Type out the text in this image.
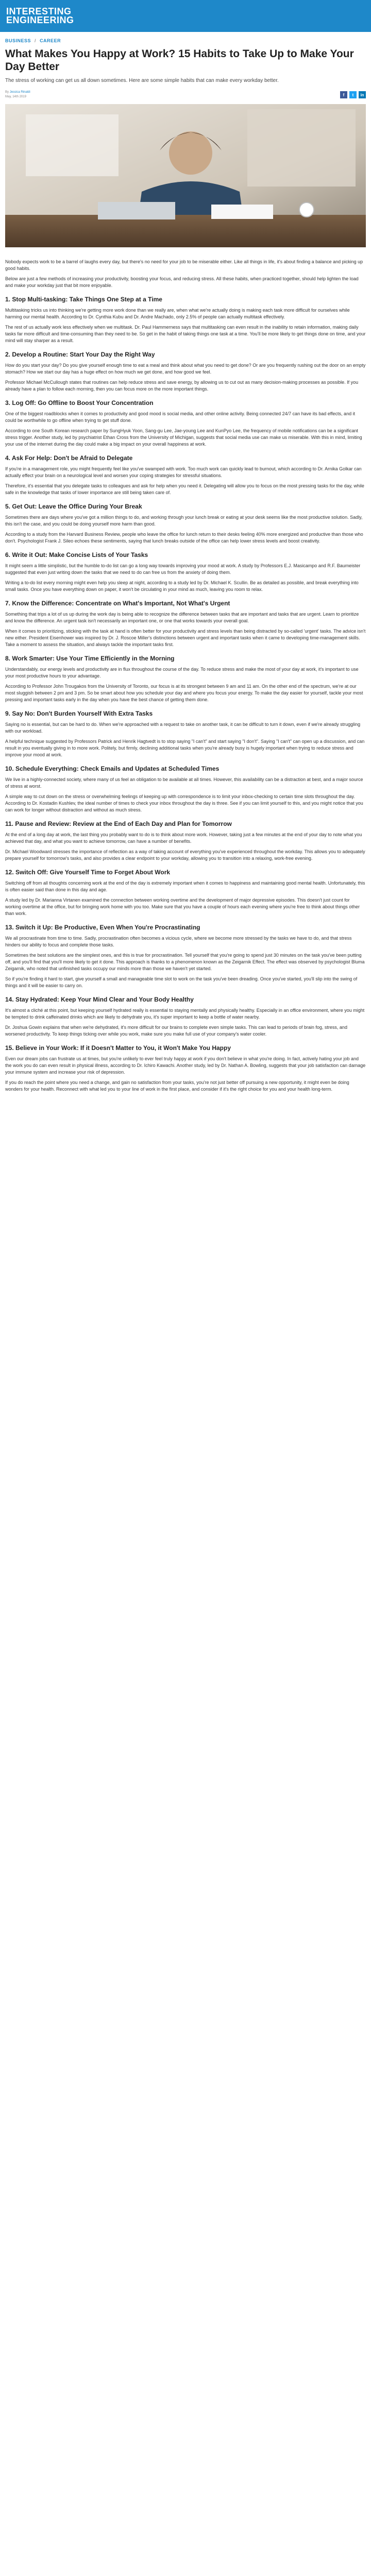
INTERESTING
ENGINEERING
BUSINESS / CAREER
What Makes You Happy at Work? 15 Habits to Take Up to Make Your Day Better

The stress of working can get us all down sometimes. Here are some simple habits that can make every workday better.

By Jessica Rinaldi
May, 14th 2019	f	t	in

Nobody expects work to be a barrel of laughs every day, but there's no need for your job to be miserable either. Like all things in life, it's about finding a balance and picking up good habits.

Below are just a few methods of increasing your productivity, boosting your focus, and reducing stress. All these habits, when practiced together, should help lighten the load and make your workday just that bit more enjoyable.

1. Stop Multi-tasking: Take Things One Step at a Time

Multitasking tricks us into thinking we're getting more work done than we really are, when what we're actually doing is making each task more difficult for ourselves while harming our mental health. According to Dr. Cynthia Kubu and Dr. Andre Machado, only 2.5% of people can actually multitask effectively.

The rest of us actually work less effectively when we multitask. Dr. Paul Hammerness says that multitasking can even result in the inability to retain information, making daily tasks far more difficult and time-consuming than they need to be. So get in the habit of taking things one task at a time. You'll be more likely to get things done on time, and your mind will stay sharper as a result.

2. Develop a Routine: Start Your Day the Right Way

How do you start your day? Do you give yourself enough time to eat a meal and think about what you need to get done? Or are you frequently rushing out the door on an empty stomach? How we start our day has a huge effect on how much we get done, and how good we feel.

Professor Michael McCullough states that routines can help reduce stress and save energy, by allowing us to cut out as many decision-making processes as possible. If you already have a plan to follow each morning, then you can focus more on the more important things.

3. Log Off: Go Offline to Boost Your Concentration

One of the biggest roadblocks when it comes to productivity and good mood is social media, and other online activity. Being connected 24/7 can have its bad effects, and it could be worthwhile to go offline when trying to get stuff done.

According to one South Korean research paper by SungHyuk Yoon, Sang-gu Lee, Jae-young Lee and KunPyo Lee, the frequency of mobile notifications can be a significant stress trigger. Another study, led by psychiatrist Ethan Cross from the University of Michigan, suggests that social media use can make us miserable. With this in mind, limiting your use of the internet during the day could make a big impact on your overall happiness at work.

4. Ask For Help: Don't be Afraid to Delegate

If you're in a management role, you might frequently feel like you've swamped with work. Too much work can quickly lead to burnout, which according to Dr. Arnika Golkar can actually effect your brain on a neurological level and worsen your coping strategies for stressful situations.

Therefore, it's essential that you delegate tasks to colleagues and ask for help when you need it. Delegating will allow you to focus on the most pressing tasks for the day, while safe in the knowledge that tasks of lower importance are still being taken care of.

5. Get Out: Leave the Office During Your Break

Sometimes there are days where you've got a million things to do, and working through your lunch break or eating at your desk seems like the most productive solution. Sadly, this isn't the case, and you could be doing yourself more harm than good.

According to a study from the Harvard Business Review, people who leave the office for lunch return to their desks feeling 40% more energized and productive than those who don't. Psychologist Frank J. Sileo echoes these sentiments, saying that lunch breaks outside of the office can help lower stress levels and boost creativity.

6. Write it Out: Make Concise Lists of Your Tasks

It might seem a little simplistic, but the humble to-do list can go a long way towards improving your mood at work. A study by Professors E.J. Masicampo and R.F. Baumeister suggested that even just writing down the tasks that we need to do can free us from the anxiety of doing them.

Writing a to-do list every morning might even help you sleep at night, according to a study led by Dr. Michael K. Scullin. Be as detailed as possible, and break everything into small tasks. Once you have everything down on paper, it won't be circulating in your mind as much, leaving you room to relax.

7. Know the Difference: Concentrate on What's Important, Not What's Urgent

Something that trips a lot of us up during the work day is being able to recognize the difference between tasks that are important and tasks that are urgent. Learn to prioritize and know the difference. An urgent task isn't necessarily an important one, or one that works towards your overall goal.

When it comes to prioritizing, sticking with the task at hand is often better for your productivity and stress levels than being distracted by so-called 'urgent' tasks. The advice isn't new either. President Eisenhower was inspired by Dr. J. Roscoe Miller's distinctions between urgent and important tasks when it came to developing time-management skills. Take a moment to assess the situation, and always tackle the important tasks first.

8. Work Smarter: Use Your Time Efficiently in the Morning

Understandably, our energy levels and productivity are in flux throughout the course of the day. To reduce stress and make the most of your day at work, it's important to use your most productive hours to your advantage.

According to Professor John Trougakos from the University of Toronto, our focus is at its strongest between 9 am and 11 am. On the other end of the spectrum, we're at our most sluggish between 2 pm and 3 pm. So be smart about how you schedule your day and where you focus your energy. To make the day easier for yourself, tackle your most pressing and important tasks early in the day when you have the best chance of getting them done.

9. Say No: Don't Burden Yourself With Extra Tasks

Saying no is essential, but can be hard to do. When we're approached with a request to take on another task, it can be difficult to turn it down, even if we're already struggling with our workload.

A helpful technique suggested by Professors Patrick and Henrik Hagtvedt is to stop saying "I can't" and start saying "I don't". Saying "I can't" can open up a discussion, and can result in you eventually giving in to more work. Politely, but firmly, declining additional tasks when you're already busy is hugely important when trying to reduce stress and improve your mood at work.

10. Schedule Everything: Check Emails and Updates at Scheduled Times

We live in a highly-connected society, where many of us feel an obligation to be available at all times. However, this availability can be a distraction at best, and a major source of stress at worst.

A simple way to cut down on the stress or overwhelming feelings of keeping up with correspondence is to limit your inbox-checking to certain time slots throughout the day. According to Dr. Kostadin Kushlev, the ideal number of times to check your inbox throughout the day is three. See if you can limit yourself to this, and you might notice that you can work for longer without distraction and without as much stress.

11. Pause and Review: Review at the End of Each Day and Plan for Tomorrow

At the end of a long day at work, the last thing you probably want to do is to think about more work. However, taking just a few minutes at the end of your day to note what you achieved that day, and what you want to achieve tomorrow, can have a number of benefits.

Dr. Michael Woodward stresses the importance of reflection as a way of taking account of everything you've experienced throughout the workday. This allows you to adequately prepare yourself for tomorrow's tasks, and also provides a clear endpoint to your workday, allowing you to transition into a relaxing, work-free evening.

12. Switch Off: Give Yourself Time to Forget About Work

Switching off from all thoughts concerning work at the end of the day is extremely important when it comes to happiness and maintaining good mental health. Unfortunately, this is often easier said than done in this day and age.

A study led by Dr. Marianna Virtanen examined the connection between working overtime and the development of major depressive episodes. This doesn't just count for working overtime at the office, but for bringing work home with you too. Make sure that you have a couple of hours each evening where you're free to think about things other than work.

13. Switch it Up: Be Productive, Even When You're Procrastinating

We all procrastinate from time to time. Sadly, procrastination often becomes a vicious cycle, where we become more stressed by the tasks we have to do, and that stress hinders our ability to focus and complete those tasks.

Sometimes the best solutions are the simplest ones, and this is true for procrastination. Tell yourself that you're going to spend just 30 minutes on the task you've been putting off, and you'll find that you'll more likely to get it done. This approach is thanks to a phenomenon known as the Zeigarnik Effect. The effect was observed by psychologist Bluma Zeigarnik, who noted that unfinished tasks occupy our minds more than those we haven't yet started.

So if you're finding it hard to start, give yourself a small and manageable time slot to work on the task you've been dreading. Once you've started, you'll slip into the swing of things and it will be easier to carry on.

14. Stay Hydrated: Keep Your Mind Clear and Your Body Healthy

It's almost a cliché at this point, but keeping yourself hydrated really is essential to staying mentally and physically healthy. Especially in an office environment, where you might be tempted to drink caffeinated drinks which are likely to dehydrate you, it's super important to keep a bottle of water nearby.

Dr. Joshua Gowin explains that when we're dehydrated, it's more difficult for our brains to complete even simple tasks. This can lead to periods of brain fog, stress, and worsened productivity. To keep things ticking over while you work, make sure you make full use of your company's water cooler.

15. Believe in Your Work: If it Doesn't Matter to You, it Won't Make You Happy

Even our dream jobs can frustrate us at times, but you're unlikely to ever feel truly happy at work if you don't believe in what you're doing. In fact, actively hating your job and the work you do can even result in physical illness, according to Dr. Ichiro Kawachi. Another study, led by Dr. Nathan A. Bowling, suggests that your job satisfaction can damage your immune system and increase your risk of depression.

If you do reach the point where you need a change, and gain no satisfaction from your tasks, you're not just better off pursuing a new opportunity, it might even be doing wonders for your health. Reconnect with what led you to your line of work in the first place, and consider if it's the right choice for you and your health long-term.
